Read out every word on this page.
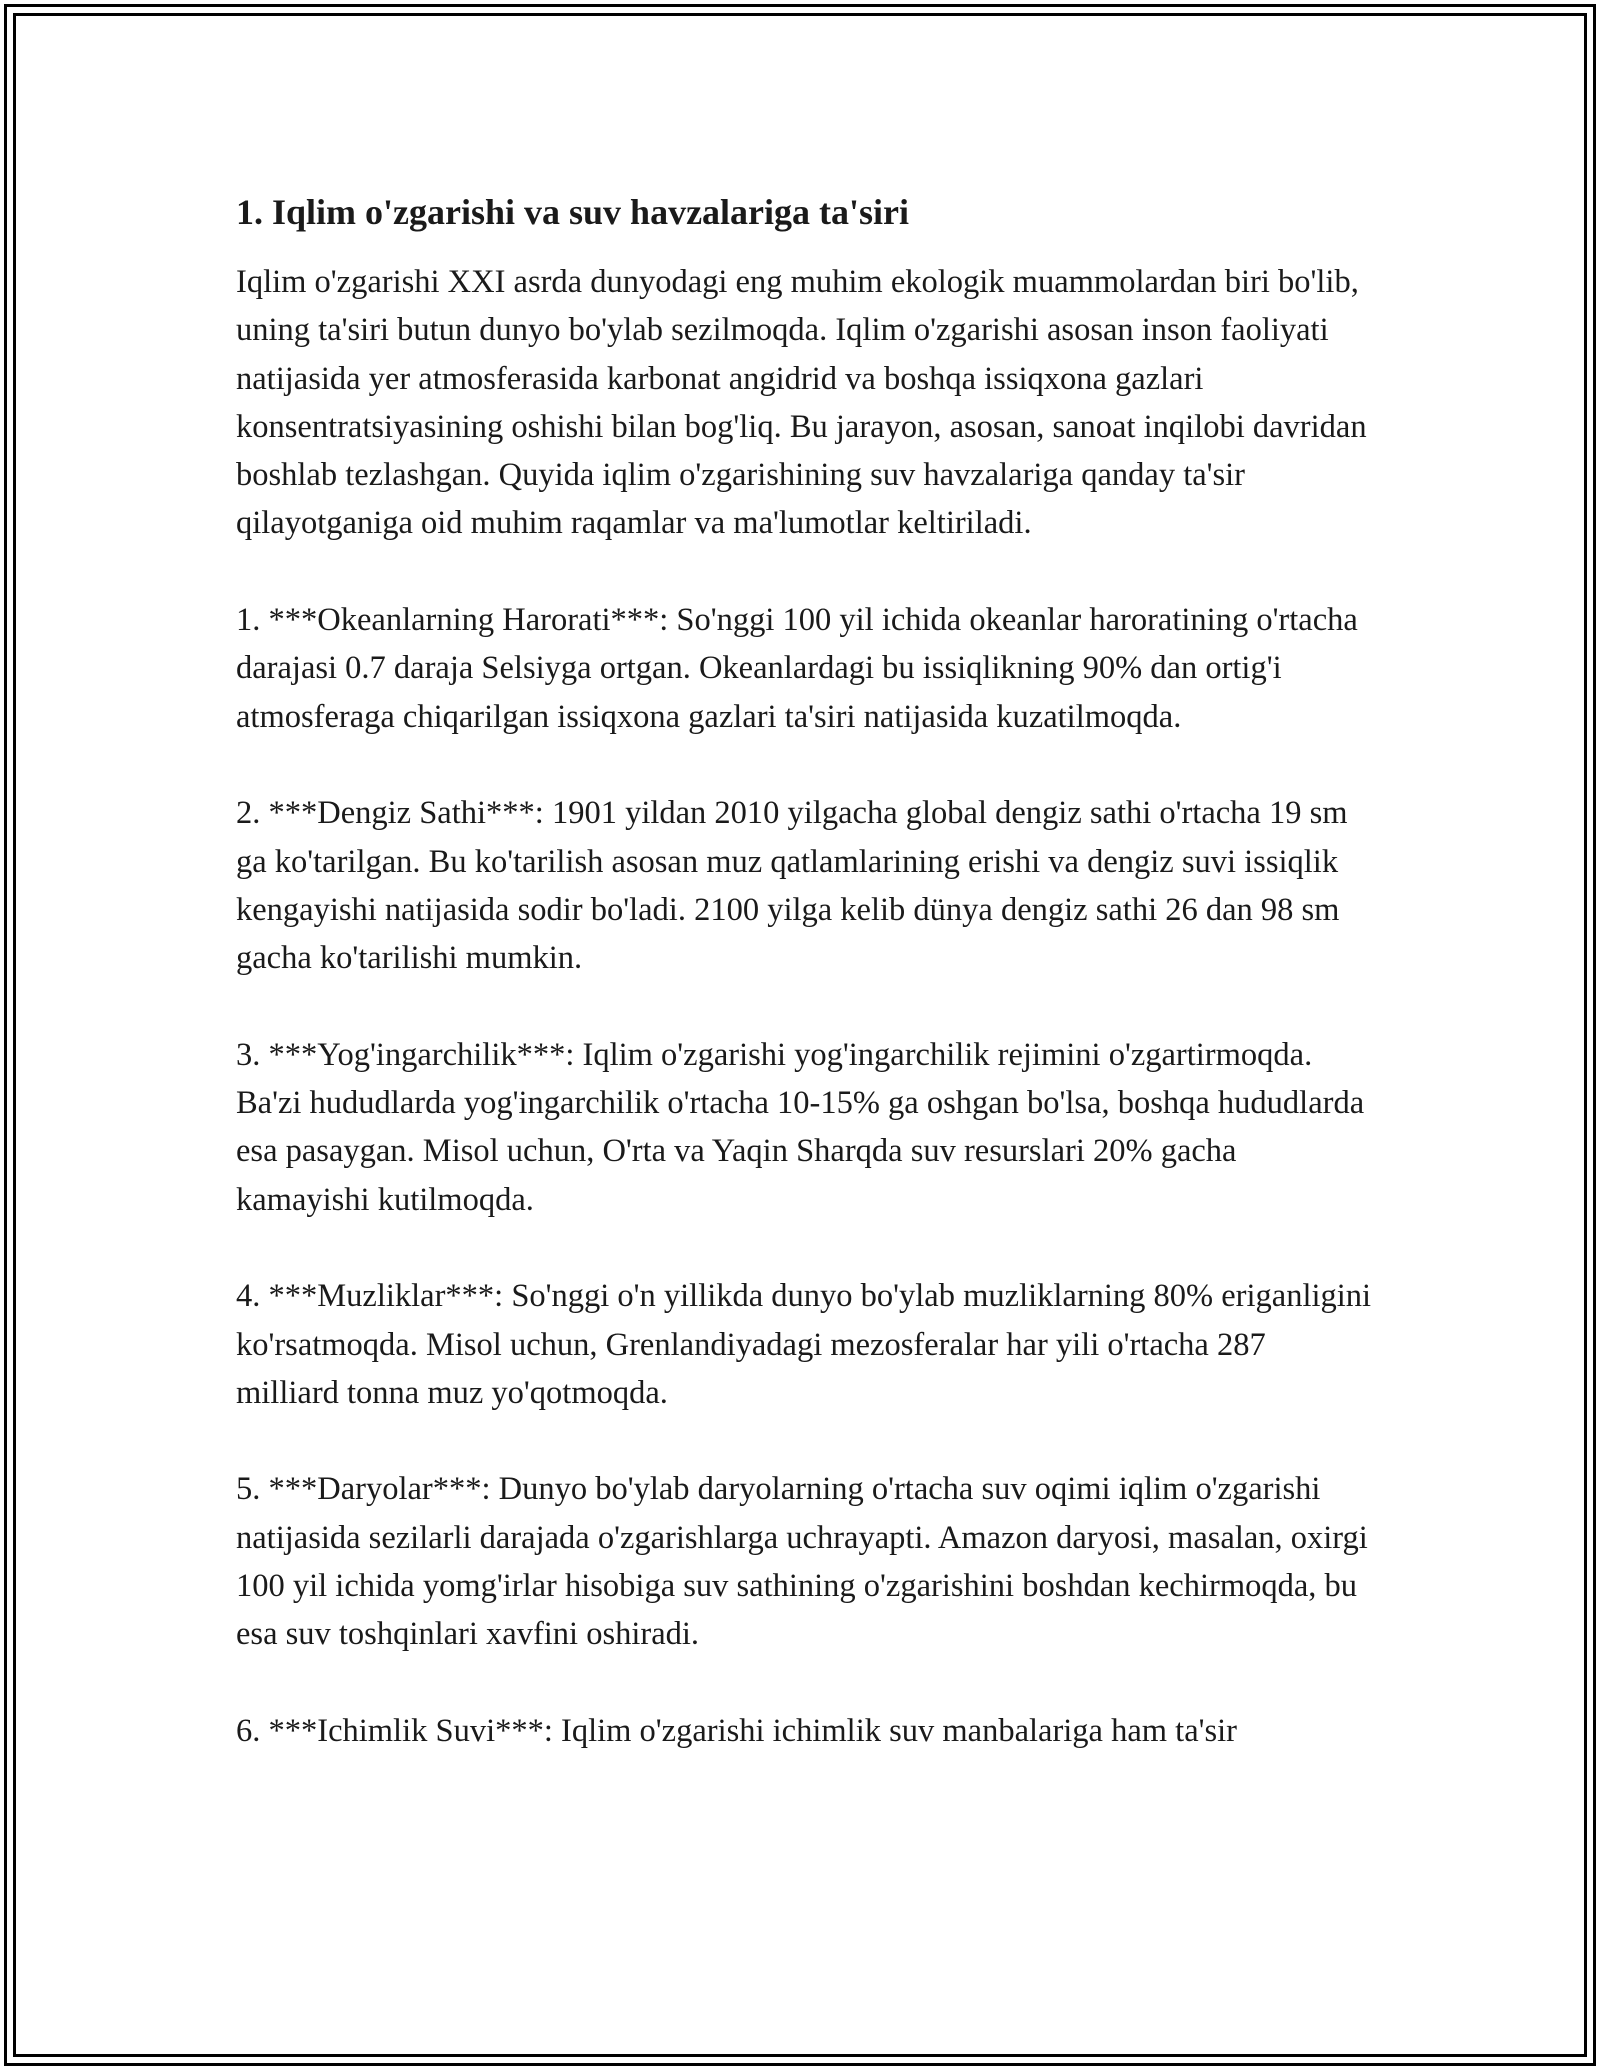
1. Iqlim o'zgarishi va suv havzalariga ta'siri

Iqlim o'zgarishi XXI asrda dunyodagi eng muhim ekologik muammolardan biri bo'lib, uning ta'siri butun dunyo bo'ylab sezilmoqda. Iqlim o'zgarishi asosan inson faoliyati natijasida yer atmosferasida karbonat angidrid va boshqa issiqxona gazlari konsentratsiyasining oshishi bilan bog'liq. Bu jarayon, asosan, sanoat inqilobi davridan boshlab tezlashgan. Quyida iqlim o'zgarishining suv havzalariga qanday ta'sir qilayotganiga oid muhim raqamlar va ma'lumotlar keltiriladi.

1. ***Okeanlarning Harorati***: So'nggi 100 yil ichida okeanlar haroratining o'rtacha darajasi 0.7 daraja Selsiyga ortgan. Okeanlardagi bu issiqlikning 90% dan ortig'i atmosferaga chiqarilgan issiqxona gazlari ta'siri natijasida kuzatilmoqda.

2. ***Dengiz Sathi***: 1901 yildan 2010 yilgacha global dengiz sathi o'rtacha 19 sm ga ko'tarilgan. Bu ko'tarilish asosan muz qatlamlarining erishi va dengiz suvi issiqlik kengayishi natijasida sodir bo'ladi. 2100 yilga kelib dünya dengiz sathi 26 dan 98 sm gacha ko'tarilishi mumkin.

3. ***Yog'ingarchilik***: Iqlim o'zgarishi yog'ingarchilik rejimini o'zgartirmoqda. Ba'zi hududlarda yog'ingarchilik o'rtacha 10-15% ga oshgan bo'lsa, boshqa hududlarda esa pasaygan. Misol uchun, O'rta va Yaqin Sharqda suv resurslari 20% gacha kamayishi kutilmoqda.

4. ***Muzliklar***: So'nggi o'n yillikda dunyo bo'ylab muzliklarning 80% eriganligini ko'rsatmoqda. Misol uchun, Grenlandiyadagi mezosferalar har yili o'rtacha 287 milliard tonna muz yo'qotmoqda.

5. ***Daryolar***: Dunyo bo'ylab daryolarning o'rtacha suv oqimi iqlim o'zgarishi natijasida sezilarli darajada o'zgarishlarga uchrayapti. Amazon daryosi, masalan, oxirgi 100 yil ichida yomg'irlar hisobiga suv sathining o'zgarishini boshdan kechirmoqda, bu esa suv toshqinlari xavfini oshiradi.

6. ***Ichimlik Suvi***: Iqlim o'zgarishi ichimlik suv manbalariga ham ta'sir
